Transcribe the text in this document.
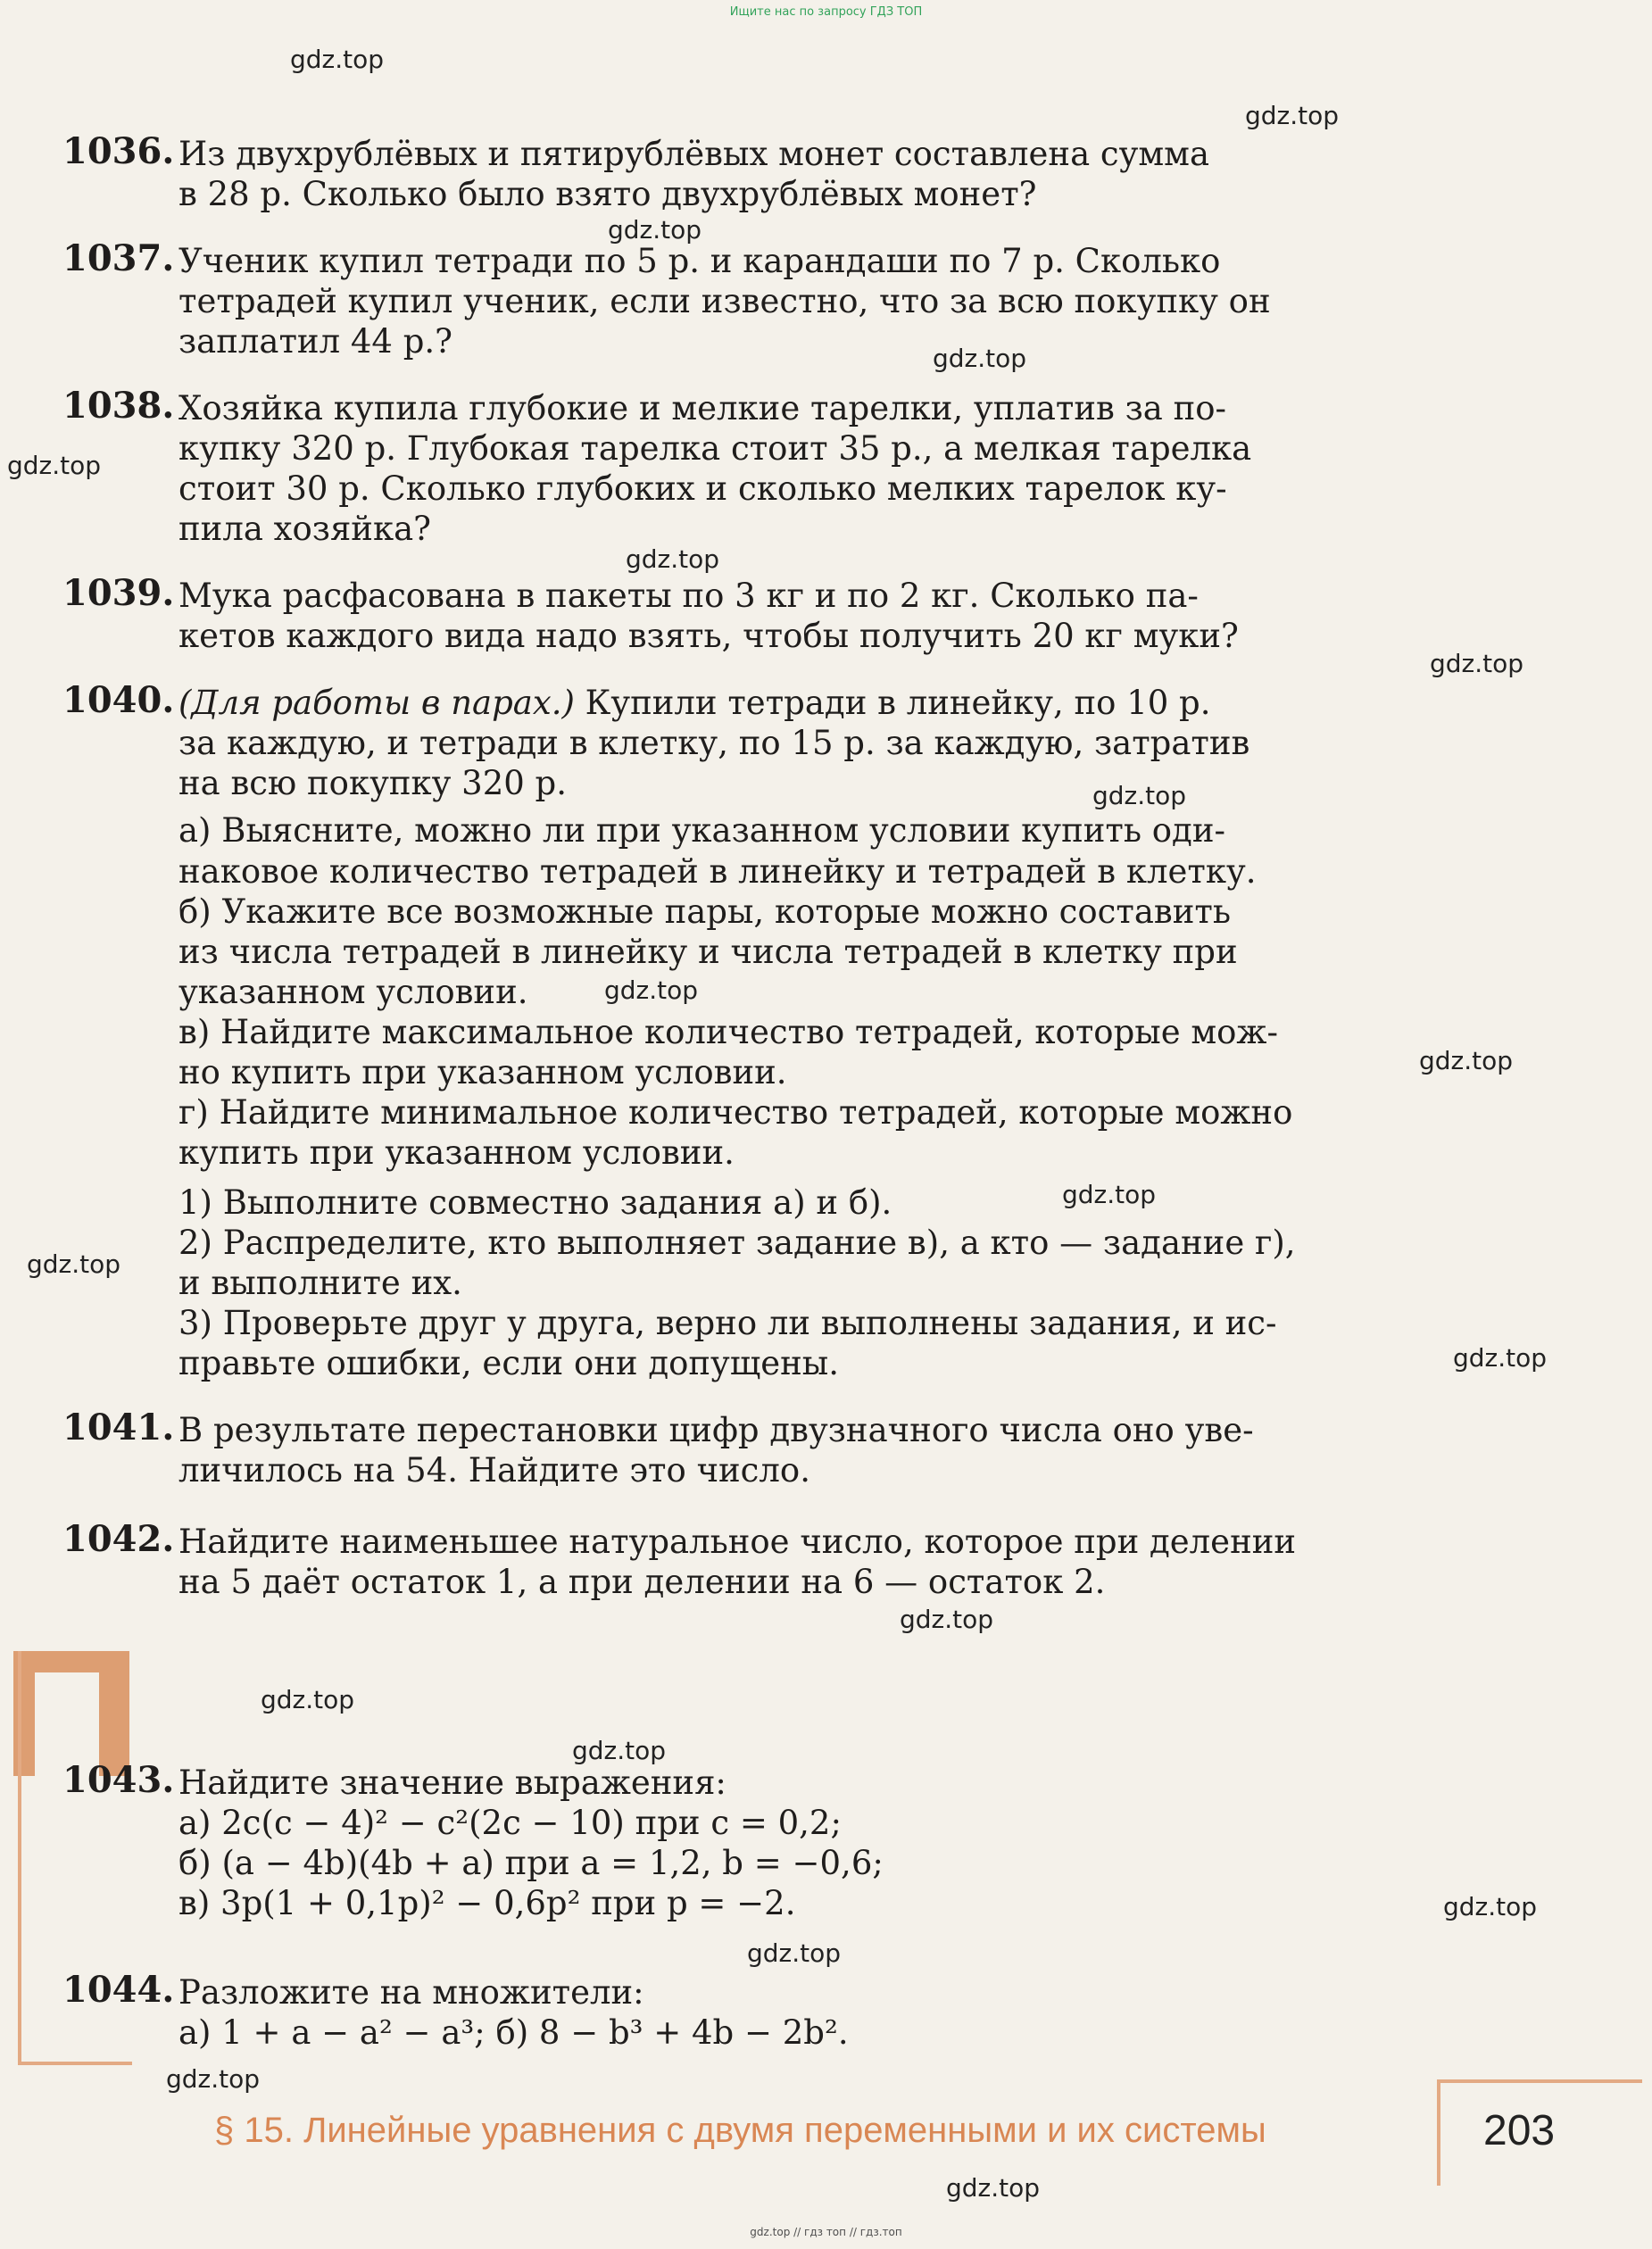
Ищите нас по запросу ГДЗ ТОП
gdz.top
gdz.top
gdz.top
gdz.top
gdz.top
gdz.top
gdz.top
gdz.top
gdz.top
gdz.top
gdz.top
gdz.top
gdz.top
gdz.top
gdz.top
gdz.top
gdz.top
gdz.top
gdz.top
gdz.top
1036. Из двухрублёвых и пятирублёвых монет составлена сумма
в 28 р. Сколько было взято двухрублёвых монет?
1037. Ученик купил тетради по 5 р. и карандаши по 7 р. Сколько
тетрадей купил ученик, если известно, что за всю покупку он
заплатил 44 р.?
1038. Хозяйка купила глубокие и мелкие тарелки, уплатив за по-
купку 320 р. Глубокая тарелка стоит 35 р., а мелкая тарелка
стоит 30 р. Сколько глубоких и сколько мелких тарелок ку-
пила хозяйка?
1039. Мука расфасована в пакеты по 3 кг и по 2 кг. Сколько па-
кетов каждого вида надо взять, чтобы получить 20 кг муки?
1040. (Для работы в парах.) Купили тетради в линейку, по 10 р.
за каждую, и тетради в клетку, по 15 р. за каждую, затратив
на всю покупку 320 р.
а) Выясните, можно ли при указанном условии купить оди-
наковое количество тетрадей в линейку и тетрадей в клетку.
б) Укажите все возможные пары, которые можно составить
из числа тетрадей в линейку и числа тетрадей в клетку при
указанном условии.
в) Найдите максимальное количество тетрадей, которые мож-
но купить при указанном условии.
г) Найдите минимальное количество тетрадей, которые можно
купить при указанном условии.
1) Выполните совместно задания а) и б).
2) Распределите, кто выполняет задание в), а кто — задание г),
и выполните их.
3) Проверьте друг у друга, верно ли выполнены задания, и ис-
правьте ошибки, если они допущены.
1041. В результате перестановки цифр двузначного числа оно уве-
личилось на 54. Найдите это число.
1042. Найдите наименьшее натуральное число, которое при делении
на 5 даёт остаток 1, а при делении на 6 — остаток 2.
1043. Найдите значение выражения:
а) 2c(c − 4)² − c²(2c − 10) при c = 0,2;
б) (a − 4b)(4b + a) при a = 1,2, b = −0,6;
в) 3p(1 + 0,1p)² − 0,6p² при p = −2.
1044. Разложите на множители:
а) 1 + a − a² − a³; б) 8 − b³ + 4b − 2b².
§ 15. Линейные уравнения с двумя переменными и их системы	203
gdz.top // гдз топ // гдз.топ
